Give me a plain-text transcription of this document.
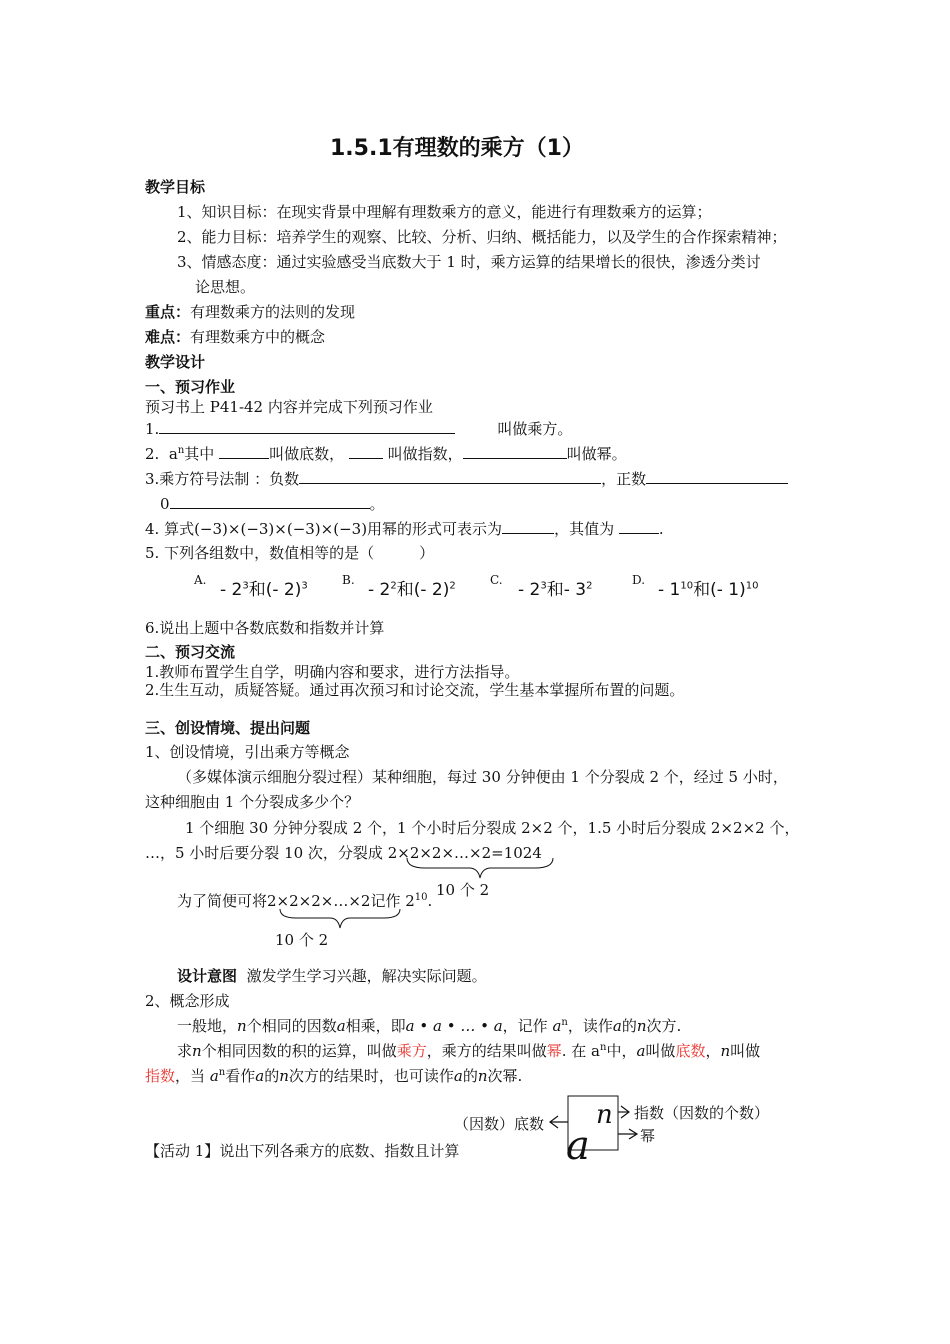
1.5.1有理数的乘方（1）
教学目标
1、知识目标：在现实背景中理解有理数乘方的意义，能进行有理数乘方的运算；
2、能力目标：培养学生的观察、比较、分析、归纳、概括能力，以及学生的合作探索精神；
3、情感态度：通过实验感受当底数大于 1 时，乘方运算的结果增长的很快，渗透分类讨
论思想。
重点：有理数乘方的法则的发现
难点：有理数乘方中的概念
教学设计
一、预习作业
预习书上 P41-42 内容并完成下列预习作业
1.	叫做乘方。
2. $a^n$其中	叫做底数，	叫做指数，	叫做幂。
3.乘方符号法制 ：负数	，正数
0	。
4. 算式(−3)×(−3)×(−3)×(−3)用幂的形式可表示为	，其值为	.
5. 下列各组数中，数值相等的是（　　　）
A. - $2^3$和(- 2)$^3$	B. - $2^2$和(- 2)$^2$	C. - $2^3$和- $3^2$	D. - $1^{10}$和(- 1)$^{10}$
6.说出上题中各数底数和指数并计算
二、预习交流
1.教师布置学生自学，明确内容和要求，进行方法指导。
2.生生互动，质疑答疑。通过再次预习和讨论交流，学生基本掌握所布置的问题。
三、创设情境、提出问题
1、创设情境，引出乘方等概念
（多媒体演示细胞分裂过程）某种细胞，每过 30 分钟便由 1 个分裂成 2 个，经过 5 小时，
这种细胞由 1 个分裂成多少个？
1 个细胞 30 分钟分裂成 2 个，1 个小时后分裂成 2×2 个，1.5 小时后分裂成 2×2×2 个，
…，5 小时后要分裂 10 次，分裂成 2×2×2×…×2=1024
10 个 2
为了简便可将2×2×2×…×2记作 $2^{10}$.
10 个 2
设计意图 激发学生学习兴趣，解决实际问题。
2、概念形成
一般地，n个相同的因数a相乘，即a • a • … • a，记作 $a^n$，读作a的n次方.
求n个相同因数的积的运算，叫做乘方，乘方的结果叫做幂. 在 $a^n$中，a叫做底数，n叫做
指数，当 $a^n$看作a的n次方的结果时，也可读作a的n次幂.
（因数）底数 a
n 指数（因数的个数）
幂
【活动 1】说出下列各乘方的底数、指数且计算
